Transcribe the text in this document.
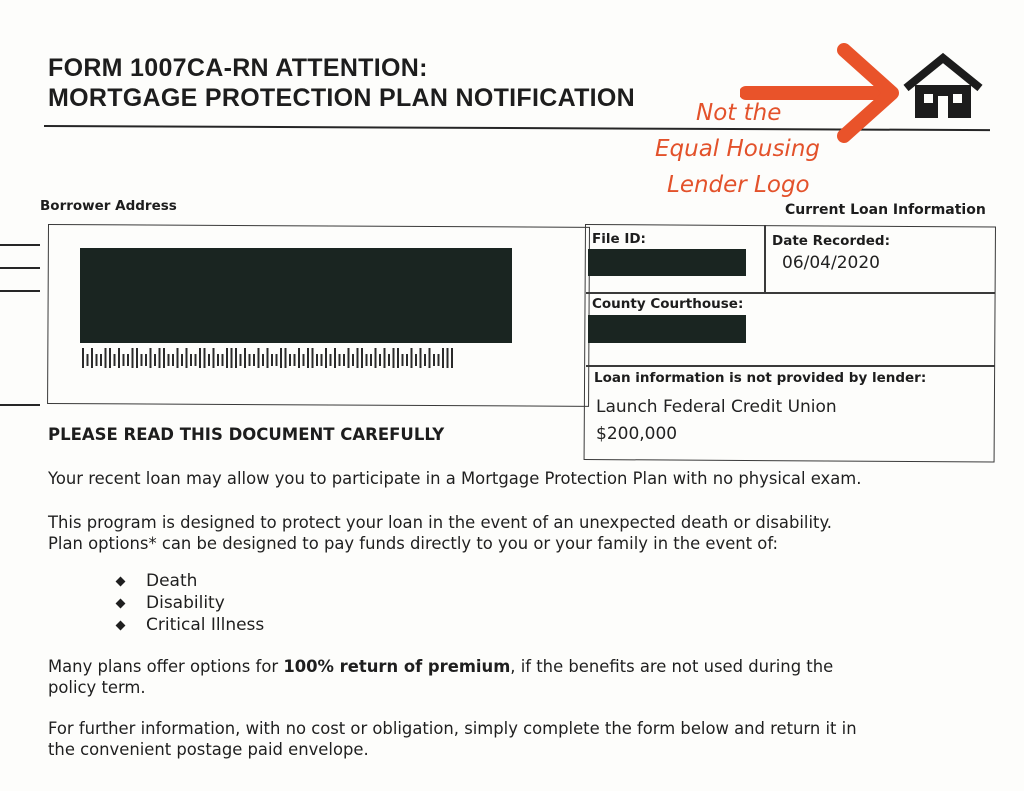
FORM 1007CA-RN ATTENTION:
MORTGAGE PROTECTION PLAN NOTIFICATION
Not the
Equal Housing
Lender Logo
Borrower Address	Current Loan Information
File ID:	Date Recorded:
06/04/2020
County Courthouse:
Loan information is not provided by lender:
Launch Federal Credit Union
$200,000
PLEASE READ THIS DOCUMENT CAREFULLY
Your recent loan may allow you to participate in a Mortgage Protection Plan with no physical exam.
This program is designed to protect your loan in the event of an unexpected death or disability.
Plan options* can be designed to pay funds directly to you or your family in the event of:
Death
Disability
Critical Illness
Many plans offer options for 100% return of premium, if the benefits are not used during the
policy term.
For further information, with no cost or obligation, simply complete the form below and return it in
the convenient postage paid envelope.
